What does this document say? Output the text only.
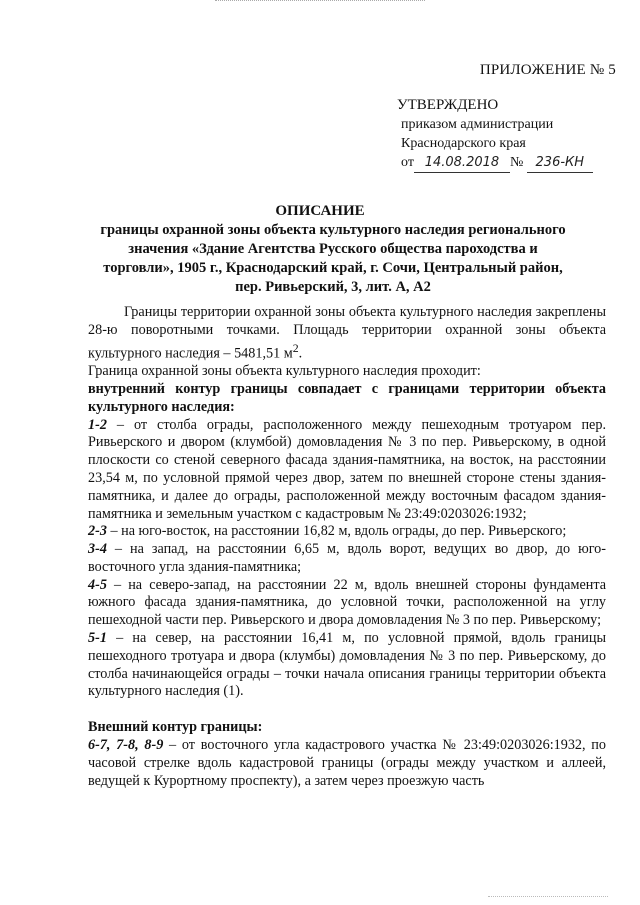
ПРИЛОЖЕНИЕ № 5
УТВЕРЖДЕНО
приказом администрации
Краснодарского края
от 14.08.2018 № 236-КН
ОПИСАНИЕ
границы охранной зоны объекта культурного наследия регионального значения «Здание Агентства Русского общества пароходства и торговли», 1905 г., Краснодарский край, г. Сочи, Центральный район, пер. Ривьерский, 3, лит. А, А2

Границы территории охранной зоны объекта культурного наследия закреплены 28-ю поворотными точками. Площадь территории охранной зоны объекта культурного наследия – 5481,51 $м^2$.

Граница охранной зоны объекта культурного наследия проходит:

внутренний контур границы совпадает с границами территории объекта культурного наследия:

1-2 – от столба ограды, расположенного между пешеходным тротуаром пер. Ривьерского и двором (клумбой) домовладения № 3 по пер. Ривьерскому, в одной плоскости со стеной северного фасада здания-памятника, на восток, на расстоянии 23,54 м, по условной прямой через двор, затем по внешней стороне стены здания-памятника, и далее до ограды, расположенной между восточным фасадом здания-памятника и земельным участком с кадастровым № 23:49:0203026:1932;

2-3 – на юго-восток, на расстоянии 16,82 м, вдоль ограды, до пер. Ривьерского;

3-4 – на запад, на расстоянии 6,65 м, вдоль ворот, ведущих во двор, до юго-восточного угла здания-памятника;

4-5 – на северо-запад, на расстоянии 22 м, вдоль внешней стороны фундамента южного фасада здания-памятника, до условной точки, расположенной на углу пешеходной части пер. Ривьерского и двора домовладения № 3 по пер. Ривьерскому;

5-1 – на север, на расстоянии 16,41 м, по условной прямой, вдоль границы пешеходного тротуара и двора (клумбы) домовладения № 3 по пер. Ривьерскому, до столба начинающейся ограды – точки начала описания границы территории объекта культурного наследия (1).

Внешний контур границы:

6-7, 7-8, 8-9 – от восточного угла кадастрового участка № 23:49:0203026:1932, по часовой стрелке вдоль кадастровой границы (ограды между участком и аллеей, ведущей к Курортному проспекту), а затем через проезжую часть
